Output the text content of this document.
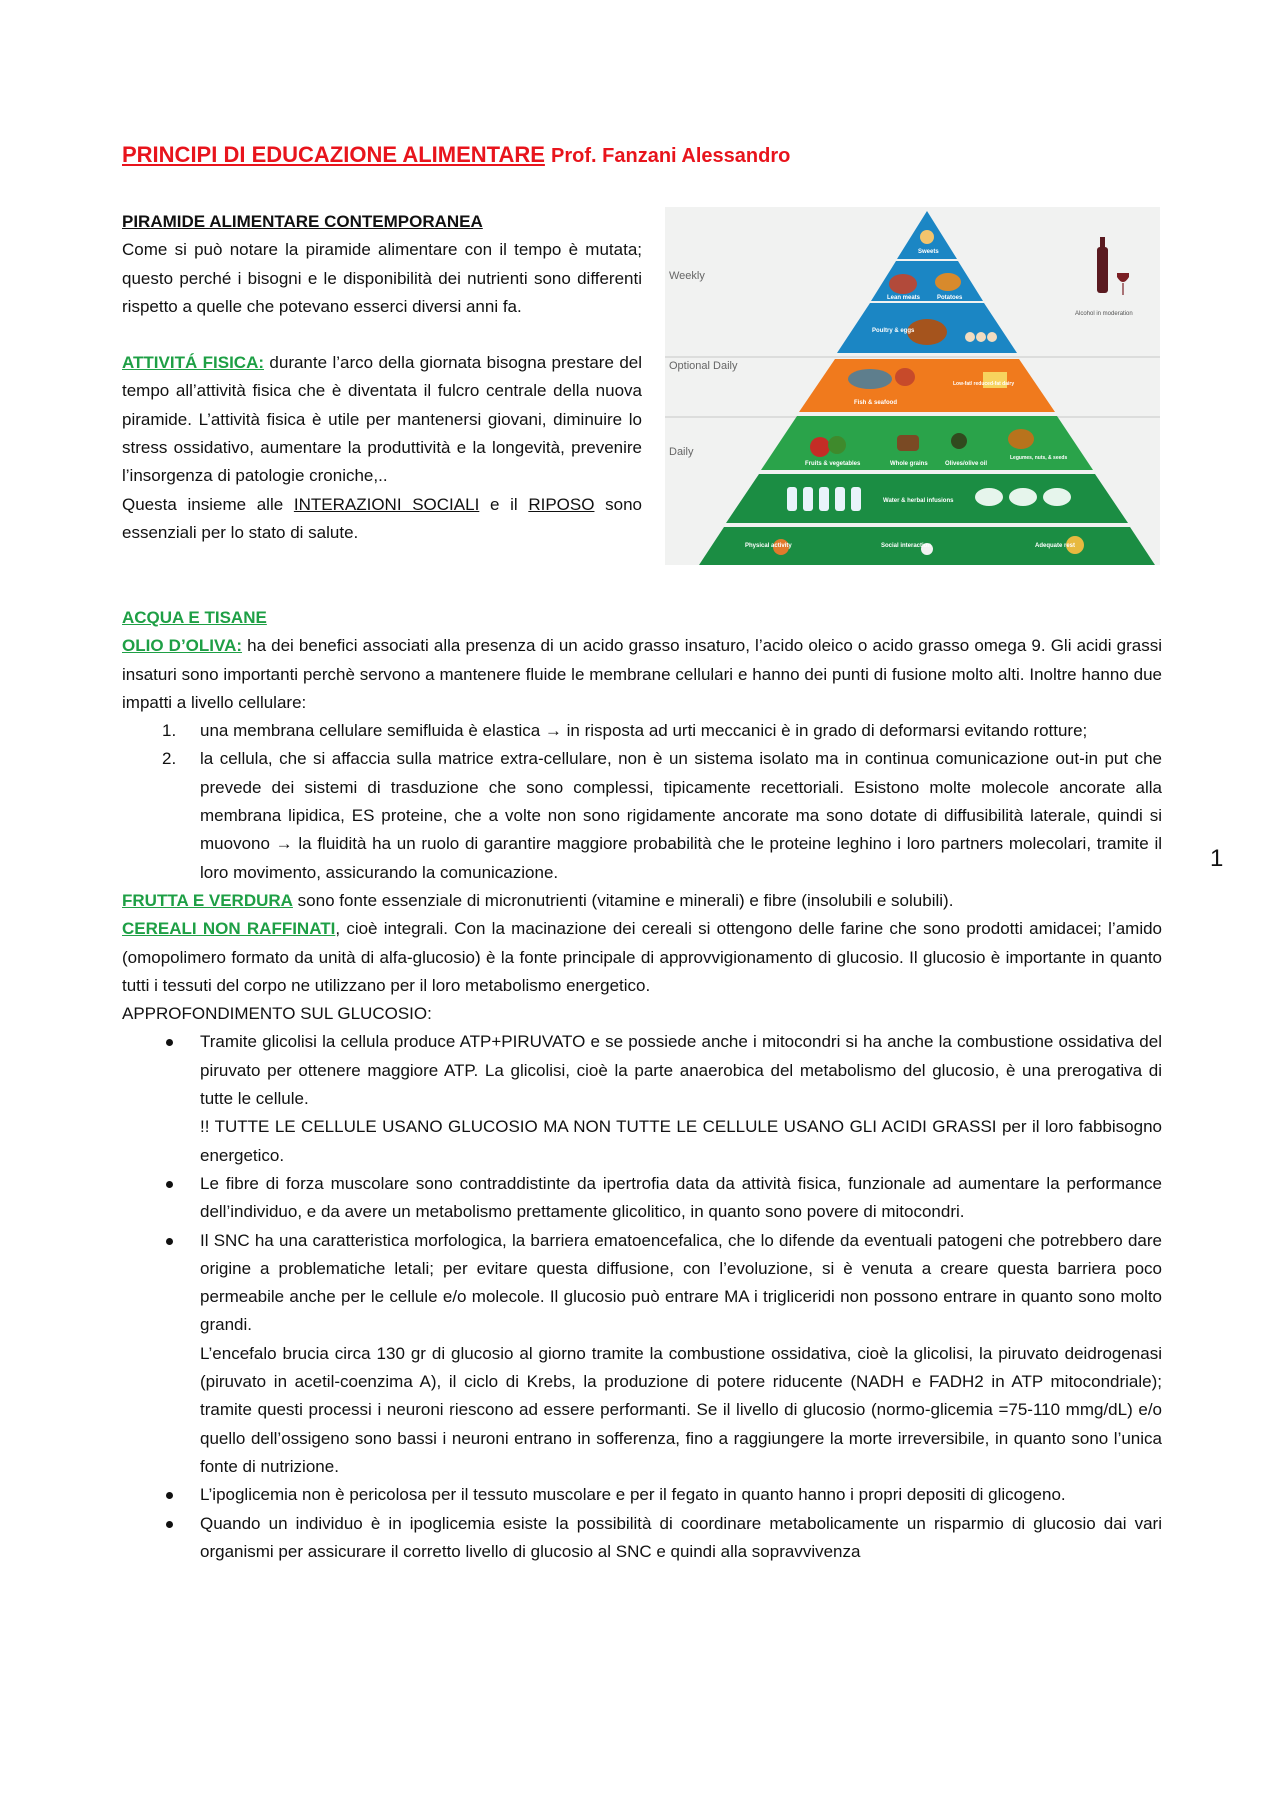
PRINCIPI DI EDUCAZIONE ALIMENTARE Prof. Fanzani Alessandro
PIRAMIDE ALIMENTARE CONTEMPORANEA
Come si può notare la piramide alimentare con il tempo è mutata; questo perché i bisogni e le disponibilità dei nutrienti sono differenti rispetto a quelle che potevano esserci diversi anni fa.
ATTIVITÁ FISICA: durante l’arco della giornata bisogna prestare del tempo all’attività fisica che è diventata il fulcro centrale della nuova piramide. L’attività fisica è utile per mantenersi giovani, diminuire lo stress ossidativo, aumentare la produttività e la longevità, prevenire l’insorgenza di patologie croniche,..
Questa insieme alle INTERAZIONI SOCIALI e il RIPOSO sono essenziali per lo stato di salute.
Weekly
Optional Daily
Daily
Sweets
Lean meats	Potatoes
Poultry & eggs
Fish & seafood
Fruits & vegetables	Whole grains	Olives/olive oil
Water & herbal infusions
Physical activity	Social interaction	Adequate rest
Low-fat/ reduced-fat dairy
Legumes, nuts, & seeds
Alcohol in moderation
ACQUA E TISANE
OLIO D’OLIVA: ha dei benefici associati alla presenza di un acido grasso insaturo, l’acido oleico o acido grasso omega 9. Gli acidi grassi insaturi sono importanti perchè servono a mantenere fluide le membrane cellulari e hanno dei punti di fusione molto alti. Inoltre hanno due impatti a livello cellulare:
1.	una membrana cellulare semifluida è elastica → in risposta ad urti meccanici è in grado di deformarsi evitando rotture;
2.	la cellula, che si affaccia sulla matrice extra-cellulare, non è un sistema isolato ma in continua comunicazione out-in put che prevede dei sistemi di trasduzione che sono complessi, tipicamente recettoriali. Esistono molte molecole ancorate alla membrana lipidica, ES proteine, che a volte non sono rigidamente ancorate ma sono dotate di diffusibilità laterale, quindi si muovono → la fluidità ha un ruolo di garantire maggiore probabilità che le proteine leghino i loro partners molecolari, tramite il loro movimento, assicurando la comunicazione.
FRUTTA E VERDURA sono fonte essenziale di micronutrienti (vitamine e minerali) e fibre (insolubili e solubili).
CEREALI NON RAFFINATI, cioè integrali. Con la macinazione dei cereali si ottengono delle farine che sono prodotti amidacei; l’amido (omopolimero formato da unità di alfa-glucosio) è la fonte principale di approvvigionamento di glucosio. Il glucosio è importante in quanto tutti i tessuti del corpo ne utilizzano per il loro metabolismo energetico.
APPROFONDIMENTO SUL GLUCOSIO:
Tramite glicolisi la cellula produce ATP+PIRUVATO e se possiede anche i mitocondri si ha anche la combustione ossidativa del piruvato per ottenere maggiore ATP. La glicolisi, cioè la parte anaerobica del metabolismo del glucosio, è una prerogativa di tutte le cellule.
!! TUTTE LE CELLULE USANO GLUCOSIO MA NON TUTTE LE CELLULE USANO GLI ACIDI GRASSI per il loro fabbisogno energetico.
Le fibre di forza muscolare sono contraddistinte da ipertrofia data da attività fisica, funzionale ad aumentare la performance dell’individuo, e da avere un metabolismo prettamente glicolitico, in quanto sono povere di mitocondri.
Il SNC ha una caratteristica morfologica, la barriera ematoencefalica, che lo difende da eventuali patogeni che potrebbero dare origine a problematiche letali; per evitare questa diffusione, con l’evoluzione, si è venuta a creare questa barriera poco permeabile anche per le cellule e/o molecole. Il glucosio può entrare MA i trigliceridi non possono entrare in quanto sono molto grandi.
L’encefalo brucia circa 130 gr di glucosio al giorno tramite la combustione ossidativa, cioè la glicolisi, la piruvato deidrogenasi (piruvato in acetil-coenzima A), il ciclo di Krebs, la produzione di potere riducente (NADH e FADH2 in ATP mitocondriale); tramite questi processi i neuroni riescono ad essere performanti. Se il livello di glucosio (normo-glicemia =75-110 mmg/dL) e/o quello dell’ossigeno sono bassi i neuroni entrano in sofferenza, fino a raggiungere la morte irreversibile, in quanto sono l’unica fonte di nutrizione.
L’ipoglicemia non è pericolosa per il tessuto muscolare e per il fegato in quanto hanno i propri depositi di glicogeno.
Quando un individuo è in ipoglicemia esiste la possibilità di coordinare metabolicamente un risparmio di glucosio dai vari organismi per assicurare il corretto livello di glucosio al SNC e quindi alla sopravvivenza
1
